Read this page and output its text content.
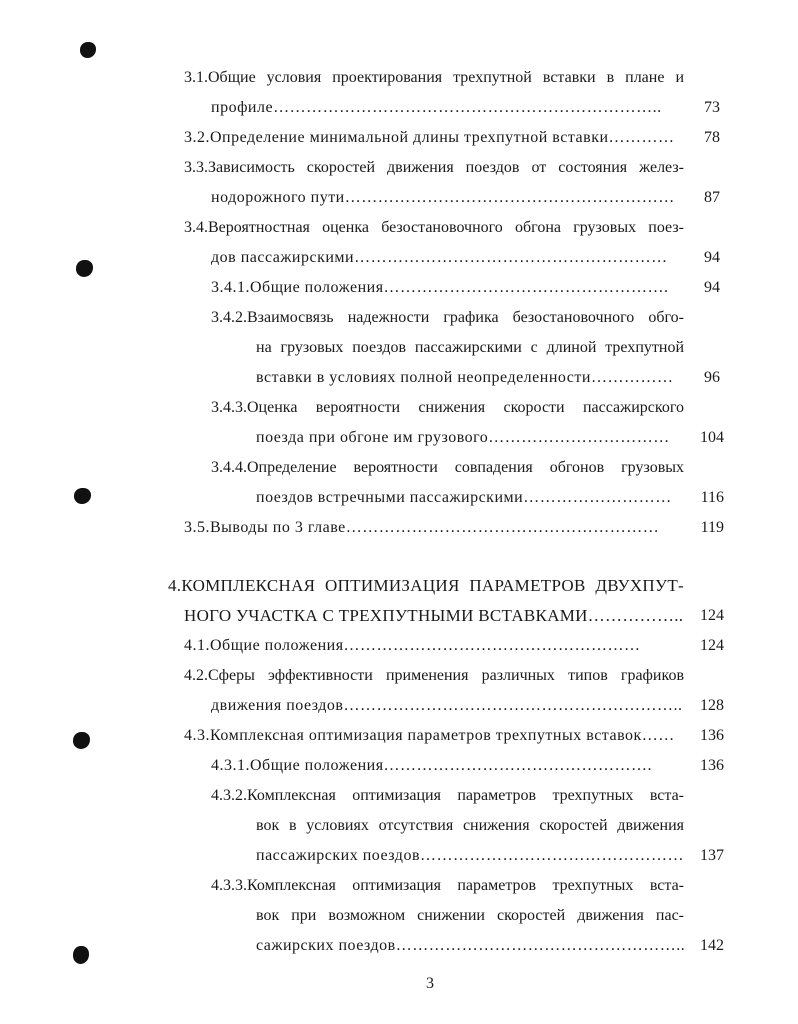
3.1.Общие условия проектирования трехпутной вставки в плане и
профиле……………………………………………………………..	73
3.2.Определение минимальной длины трехпутной вставки…………	78
3.3.Зависимость скоростей движения поездов от состояния желез-
нодорожного пути……………………………………………………	87
3.4.Вероятностная оценка безостановочного обгона грузовых поез-
дов пассажирскими…………………………………………………	94
3.4.1.Общие положения…………………………………………….	94
3.4.2.Взаимосвязь надежности графика безостановочного обго-
на грузовых поездов пассажирскими с длиной трехпутной
вставки в условиях полной неопределенности……………	96
3.4.3.Оценка вероятности снижения скорости пассажирского
поезда при обгоне им грузового……………………………	104
3.4.4.Определение вероятности совпадения обгонов грузовых
поездов встречными пассажирскими………………………	116
3.5.Выводы по 3 главе…………………………………………………	119
4.КОМПЛЕКСНАЯ ОПТИМИЗАЦИЯ ПАРАМЕТРОВ ДВУХПУТ-
НОГО УЧАСТКА С ТРЕХПУТНЫМИ ВСТАВКАМИ……………..	124
4.1.Общие положения………………………………………………	124
4.2.Сферы эффективности применения различных типов графиков
движения поездов……………………………………………………..	128
4.3.Комплексная оптимизация параметров трехпутных вставок……	136
4.3.1.Общие положения………………………………………….	136
4.3.2.Комплексная оптимизация параметров трехпутных вста-
вок в условиях отсутствия снижения скоростей движения
пассажирских поездов…………………………………………	137
4.3.3.Комплексная оптимизация параметров трехпутных вста-
вок при возможном снижении скоростей движения пас-
сажирских поездов…………………………………………….. 142
3
